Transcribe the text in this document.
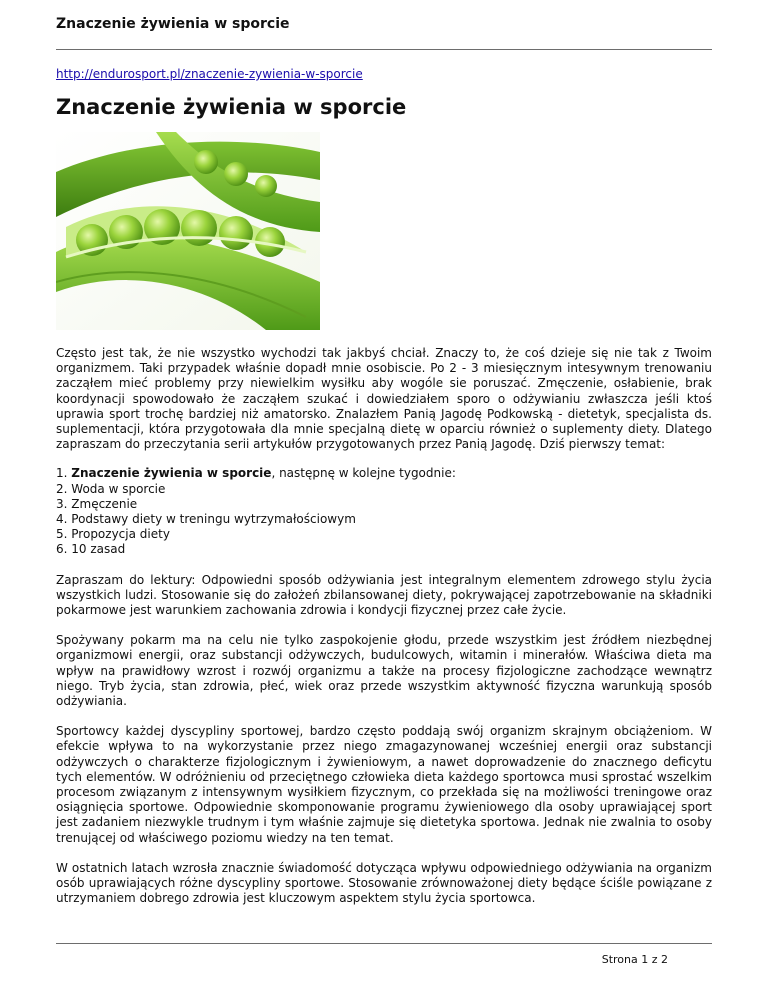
Znaczenie żywienia w sporcie
http://endurosport.pl/znaczenie-zywienia-w-sporcie
Znaczenie żywienia w sporcie

Często jest tak, że nie wszystko wychodzi tak jakbyś chciał. Znaczy to, że coś dzieje się nie tak z Twoim organizmem. Taki przypadek właśnie dopadł mnie osobiscie. Po 2 - 3 miesięcznym intesywnym trenowaniu zacząłem mieć problemy przy niewielkim wysiłku aby wogóle sie poruszać. Zmęczenie, osłabienie, brak koordynacji spowodowało że zacząłem szukać i dowiedziałem sporo o odżywianiu zwłaszcza jeśli ktoś uprawia sport trochę bardziej niż amatorsko. Znalazłem Panią Jagodę Podkowską - dietetyk, specjalista ds. suplementacji, która przygotowała dla mnie specjalną dietę w oparciu również o suplementy diety. Dlatego zapraszam do przeczytania serii artykułów przygotowanych przez Panią Jagodę. Dziś pierwszy temat:

1. Znaczenie żywienia w sporcie, następnę w kolejne tygodnie:
2. Woda w sporcie
3. Zmęczenie
4. Podstawy diety w treningu wytrzymałościowym
5. Propozycja diety
6. 10 zasad

Zapraszam do lektury: Odpowiedni sposób odżywiania jest integralnym elementem zdrowego stylu życia wszystkich ludzi. Stosowanie się do założeń zbilansowanej diety, pokrywającej zapotrzebowanie na składniki pokarmowe jest warunkiem zachowania zdrowia i kondycji fizycznej przez całe życie.

Spożywany pokarm ma na celu nie tylko zaspokojenie głodu, przede wszystkim jest źródłem niezbędnej organizmowi energii, oraz substancji odżywczych, budulcowych, witamin i minerałów. Właściwa dieta ma wpływ na prawidłowy wzrost i rozwój organizmu a także na procesy fizjologiczne zachodzące wewnątrz niego. Tryb życia, stan zdrowia, płeć, wiek oraz przede wszystkim aktywność fizyczna warunkują sposób odżywiania.

Sportowcy każdej dyscypliny sportowej, bardzo często poddają swój organizm skrajnym obciążeniom. W efekcie wpływa to na wykorzystanie przez niego zmagazynowanej wcześniej energii oraz substancji odżywczych o charakterze fizjologicznym i żywieniowym, a nawet doprowadzenie do znacznego deficytu tych elementów. W odróżnieniu od przeciętnego człowieka dieta każdego sportowca musi sprostać wszelkim procesom związanym z intensywnym wysiłkiem fizycznym, co przekłada się na możliwości treningowe oraz osiągnięcia sportowe. Odpowiednie skomponowanie programu żywieniowego dla osoby uprawiającej sport jest zadaniem niezwykle trudnym i tym właśnie zajmuje się dietetyka sportowa. Jednak nie zwalnia to osoby trenującej od właściwego poziomu wiedzy na ten temat.

W ostatnich latach wzrosła znacznie świadomość dotycząca wpływu odpowiedniego odżywiania na organizm osób uprawiających różne dyscypliny sportowe. Stosowanie zrównoważonej diety będące ściśle powiązane z utrzymaniem dobrego zdrowia jest kluczowym aspektem stylu życia sportowca.

Strona 1 z 2
